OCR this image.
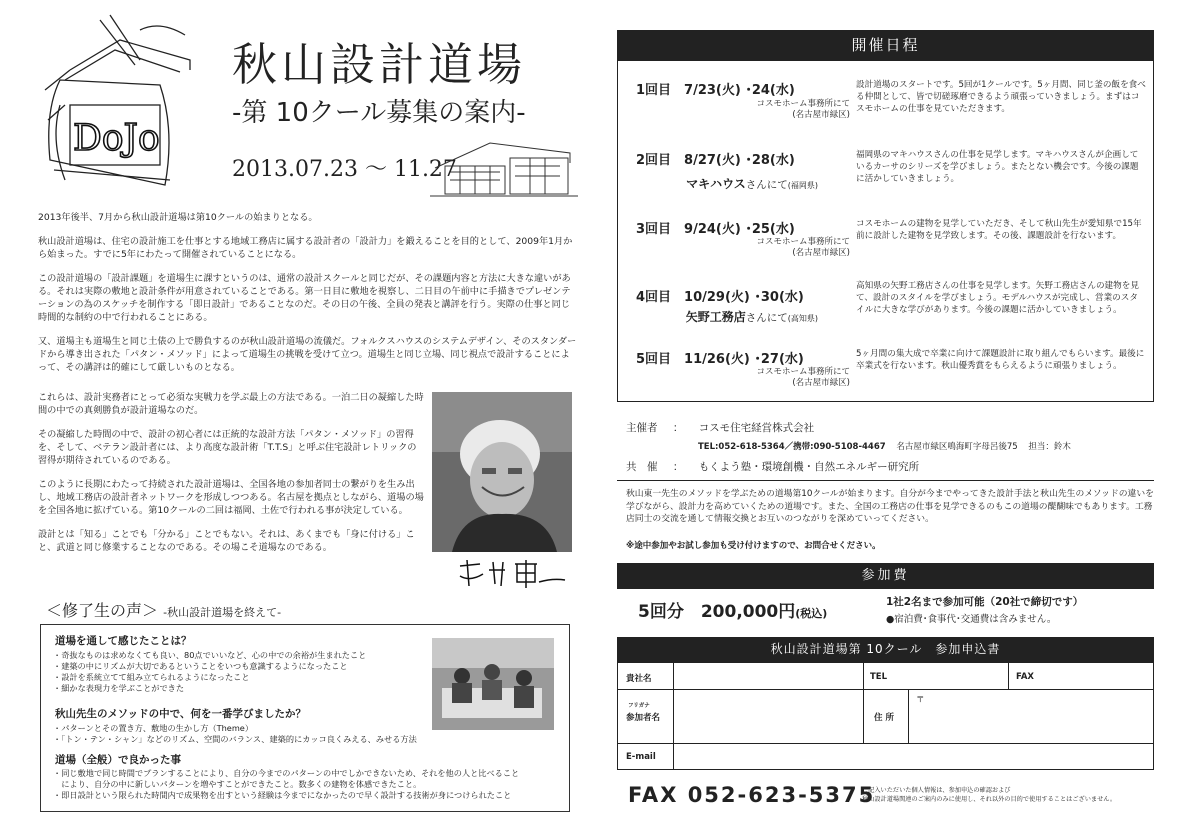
DoJo
秋山設計道場
-第 10クール募集の案内-
2013.07.23 ～ 11.27

2013年後半、7月から秋山設計道場は第10クールの始まりとなる。

秋山設計道場は、住宅の設計施工を仕事とする地域工務店に属する設計者の「設計力」を鍛えることを目的として、2009年1月から始まった。すでに5年にわたって開催されていることになる。

この設計道場の「設計課題」を道場生に課すというのは、通常の設計スクールと同じだが、その課題内容と方法に大きな違いがある。それは実際の敷地と設計条件が用意されていることである。第一日目に敷地を視察し、二日目の午前中に手描きでプレゼンテーションの為のスケッチを制作する「即日設計」であることなのだ。その日の午後、全員の発表と講評を行う。実際の仕事と同じ時間的な制約の中で行われることにある。

又、道場主も道場生と同じ土俵の上で勝負するのが秋山設計道場の流儀だ。フォルクスハウスのシステムデザイン、そのスタンダードから導き出された「パタン・メソッド」によって道場生の挑戦を受けて立つ。道場生と同じ立場、同じ視点で設計することによって、その講評は的確にして厳しいものとなる。

これらは、設計実務者にとって必須な実戦力を学ぶ最上の方法である。一泊二日の凝縮した時間の中での真剣勝負が設計道場なのだ。

その凝縮した時間の中で、設計の初心者には正統的な設計方法「パタン・メソッド」の習得を、そして、ベテラン設計者には、より高度な設計術「T.T.S」と呼ぶ住宅設計レトリックの習得が期待されているのである。

このように長期にわたって持続された設計道場は、全国各地の参加者同士の繋がりを生み出し、地域工務店の設計者ネットワークを形成しつつある。名古屋を拠点としながら、道場の場を全国各地に拡げている。第10クールの二回は福岡、土佐で行われる事が決定している。

設計とは「知る」ことでも「分かる」ことでもない。それは、あくまでも「身に付ける」こと、武道と同じ修業することなのである。その場こそ道場なのである。

＜修了生の声＞ -秋山設計道場を終えて-
道場を通して感じたことは？
・奇抜なものは求めなくても良い、80点でいいなど、心の中での余裕が生まれたこと
・建築の中にリズムが大切であるということをいつも意識するようになったこと
・設計を系統立てて組み立てられるようになったこと
・細かな表現力を学ぶことができた
秋山先生のメソッドの中で、何を一番学びましたか？
・パターンとその置き方、敷地の生かし方（Theme）
・「トン・テン・シャン」などのリズム、空間のバランス、建築的にカッコ良くみえる、みせる方法
道場（全般）で良かった事
・同じ敷地で同じ時間でプランすることにより、自分の今までのパターンの中でしかできないため、それを他の人と比べること
　により、自分の中に新しいパターンを増やすことができたこと。数多くの建物を体感できたこと。
・即日設計という限られた時間内で成果物を出すという経験は今までになかったので早く設計する技術が身につけられたこと
開催日程
1回目　7/23(火) ･24(水)
コスモホーム事務所にて
(名古屋市緑区)
設計道場のスタートです。5回が1クールです。5ヶ月間、同じ釜の飯を食べる仲間として、皆で切磋琢磨できるよう頑張っていきましょう。まずはコスモホームの仕事を見ていただきます。
2回目　8/27(火) ･28(水)
マキハウスさんにて(福岡県)
福岡県のマキハウスさんの仕事を見学します。マキハウスさんが企画しているカーサのシリーズを学びましょう。またとない機会です。今後の課題に活かしていきましょう。
3回目　9/24(火) ･25(水)
コスモホーム事務所にて
(名古屋市緑区)
コスモホームの建物を見学していただき、そして秋山先生が愛知県で15年前に設計した建物を見学致します。その後、課題設計を行ないます。
4回目　10/29(火) ･30(水)
矢野工務店さんにて(高知県)
高知県の矢野工務店さんの仕事を見学します。矢野工務店さんの建物を見て、設計のスタイルを学びましょう。モデルハウスが完成し、営業のスタイルに大きな学びがあります。今後の課題に活かしていきましょう。
5回目　11/26(火) ･27(水)
コスモホーム事務所にて
(名古屋市緑区)
5ヶ月間の集大成で卒業に向けて課題設計に取り組んでもらいます。最後に卒業式を行ないます。秋山優秀賞をもらえるように頑張りましょう。
主催者 ： コスモ住宅経営株式会社
TEL:052-618-5364／携帯:090-5108-4467 名古屋市緑区鳴海町字母呂後75 担当：鈴木
共　催 ： もくよう塾・環境創機・自然エネルギー研究所
秋山東一先生のメソッドを学ぶための道場第10クールが始まります。自分が今までやってきた設計手法と秋山先生のメソッドの違いを学びながら、設計力を高めていくための道場です。また、全国の工務店の仕事を見学できるのもこの道場の醍醐味でもあります。工務店同士の交流を通して情報交換とお互いのつながりを深めていってください。
※途中参加やお試し参加も受け付けますので、お問合せください。
参加費
5回分　200,000円(税込)
1社2名まで参加可能（20社で締切です）
●宿泊費･食事代･交通費は含みません。
秋山設計道場第 10クール　参加申込書
貴社名	TEL	FAX
フリガナ
参加者名	住 所
〒
E-mail
FAX 052-623-5375
ご記入いただいた個人情報は、参加申込の確認および
秋山設計道場関連のご案内のみに使用し、それ以外の目的で使用することはございません。
